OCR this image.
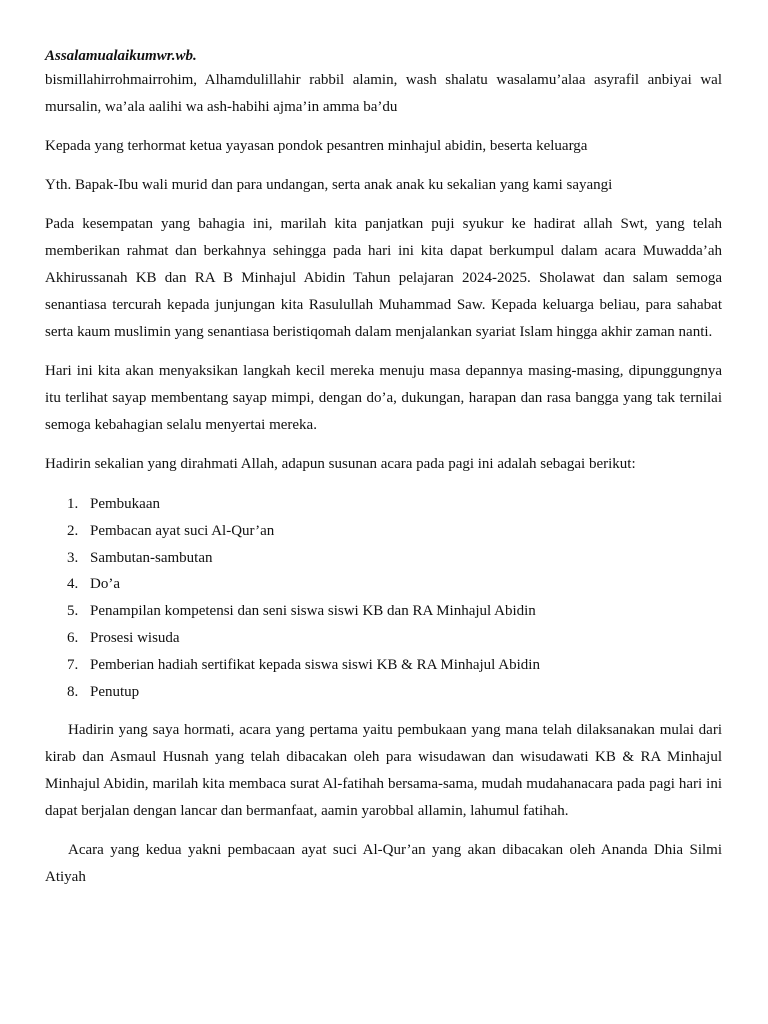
Assalamualaikumwr.wb.

bismillahirrohmairrohim, Alhamdulillahir rabbil alamin, wash shalatu wasalamu’alaa asyrafil anbiyai wal mursalin, wa’ala aalihi wa ash-habihi ajma’in amma ba’du

Kepada yang terhormat ketua yayasan pondok pesantren minhajul abidin, beserta keluarga

Yth. Bapak-Ibu wali murid dan para undangan, serta anak anak ku sekalian yang kami sayangi

Pada kesempatan yang bahagia ini, marilah kita panjatkan puji syukur ke hadirat allah Swt, yang telah memberikan rahmat dan berkahnya sehingga pada hari ini kita dapat berkumpul dalam acara Muwadda’ah Akhirussanah KB dan RA B Minhajul Abidin Tahun pelajaran 2024-2025. Sholawat dan salam semoga senantiasa tercurah kepada junjungan kita Rasulullah Muhammad Saw. Kepada keluarga beliau, para sahabat serta kaum muslimin yang senantiasa beristiqomah dalam menjalankan syariat Islam hingga akhir zaman nanti.

Hari ini kita akan menyaksikan langkah kecil mereka menuju masa depannya masing-masing, dipunggungnya itu terlihat sayap membentang sayap mimpi, dengan do’a, dukungan, harapan dan rasa bangga yang tak ternilai semoga kebahagian selalu menyertai mereka.

Hadirin sekalian yang dirahmati Allah, adapun susunan acara pada pagi ini adalah sebagai berikut:

1. Pembukaan
2. Pembacan ayat suci Al-Qur’an
3. Sambutan-sambutan
4. Do’a
5. Penampilan kompetensi dan seni siswa siswi KB dan RA Minhajul Abidin
6. Prosesi wisuda
7. Pemberian hadiah sertifikat kepada siswa siswi KB & RA Minhajul Abidin
8. Penutup

Hadirin yang saya hormati, acara yang pertama yaitu pembukaan yang mana telah dilaksanakan mulai dari kirab dan Asmaul Husnah yang telah dibacakan oleh para wisudawan dan wisudawati KB & RA Minhajul Minhajul Abidin, marilah kita membaca surat Al-fatihah bersama-sama, mudah mudahanacara pada pagi hari ini dapat berjalan dengan lancar dan bermanfaat, aamin yarobbal allamin, lahumul fatihah.

Acara yang kedua yakni pembacaan ayat suci Al-Qur’an yang akan dibacakan oleh Ananda Dhia Silmi Atiyah
